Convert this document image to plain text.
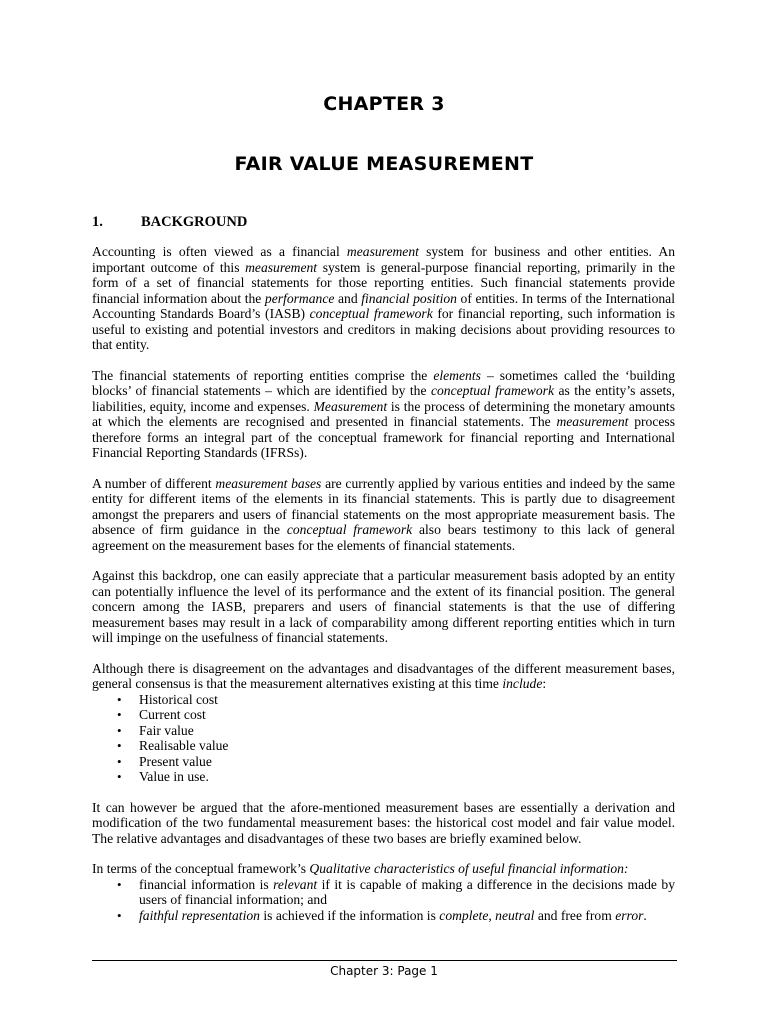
CHAPTER 3
FAIR VALUE MEASUREMENT
1.	BACKGROUND

Accounting is often viewed as a financial measurement system for business and other entities. An important outcome of this measurement system is general-purpose financial reporting, primarily in the form of a set of financial statements for those reporting entities. Such financial statements provide financial information about the performance and financial position of entities. In terms of the International Accounting Standards Board’s (IASB) conceptual framework for financial reporting, such information is useful to existing and potential investors and creditors in making decisions about providing resources to that entity.

The financial statements of reporting entities comprise the elements – sometimes called the ‘building blocks’ of financial statements – which are identified by the conceptual framework as the entity’s assets, liabilities, equity, income and expenses. Measurement is the process of determining the monetary amounts at which the elements are recognised and presented in financial statements. The measurement process therefore forms an integral part of the conceptual framework for financial reporting and International Financial Reporting Standards (IFRSs).

A number of different measurement bases are currently applied by various entities and indeed by the same entity for different items of the elements in its financial statements. This is partly due to disagreement amongst the preparers and users of financial statements on the most appropriate measurement basis. The absence of firm guidance in the conceptual framework also bears testimony to this lack of general agreement on the measurement bases for the elements of financial statements.

Against this backdrop, one can easily appreciate that a particular measurement basis adopted by an entity can potentially influence the level of its performance and the extent of its financial position. The general concern among the IASB, preparers and users of financial statements is that the use of differing measurement bases may result in a lack of comparability among different reporting entities which in turn will impinge on the usefulness of financial statements.

Although there is disagreement on the advantages and disadvantages of the different measurement bases, general consensus is that the measurement alternatives existing at this time include:

• Historical cost
• Current cost
• Fair value
• Realisable value
• Present value
• Value in use.

It can however be argued that the afore-mentioned measurement bases are essentially a derivation and modification of the two fundamental measurement bases: the historical cost model and fair value model. The relative advantages and disadvantages of these two bases are briefly examined below.

In terms of the conceptual framework’s Qualitative characteristics of useful financial information:

• financial information is relevant if it is capable of making a difference in the decisions made by users of financial information; and
• faithful representation is achieved if the information is complete, neutral and free from error.
Chapter 3: Page 1
